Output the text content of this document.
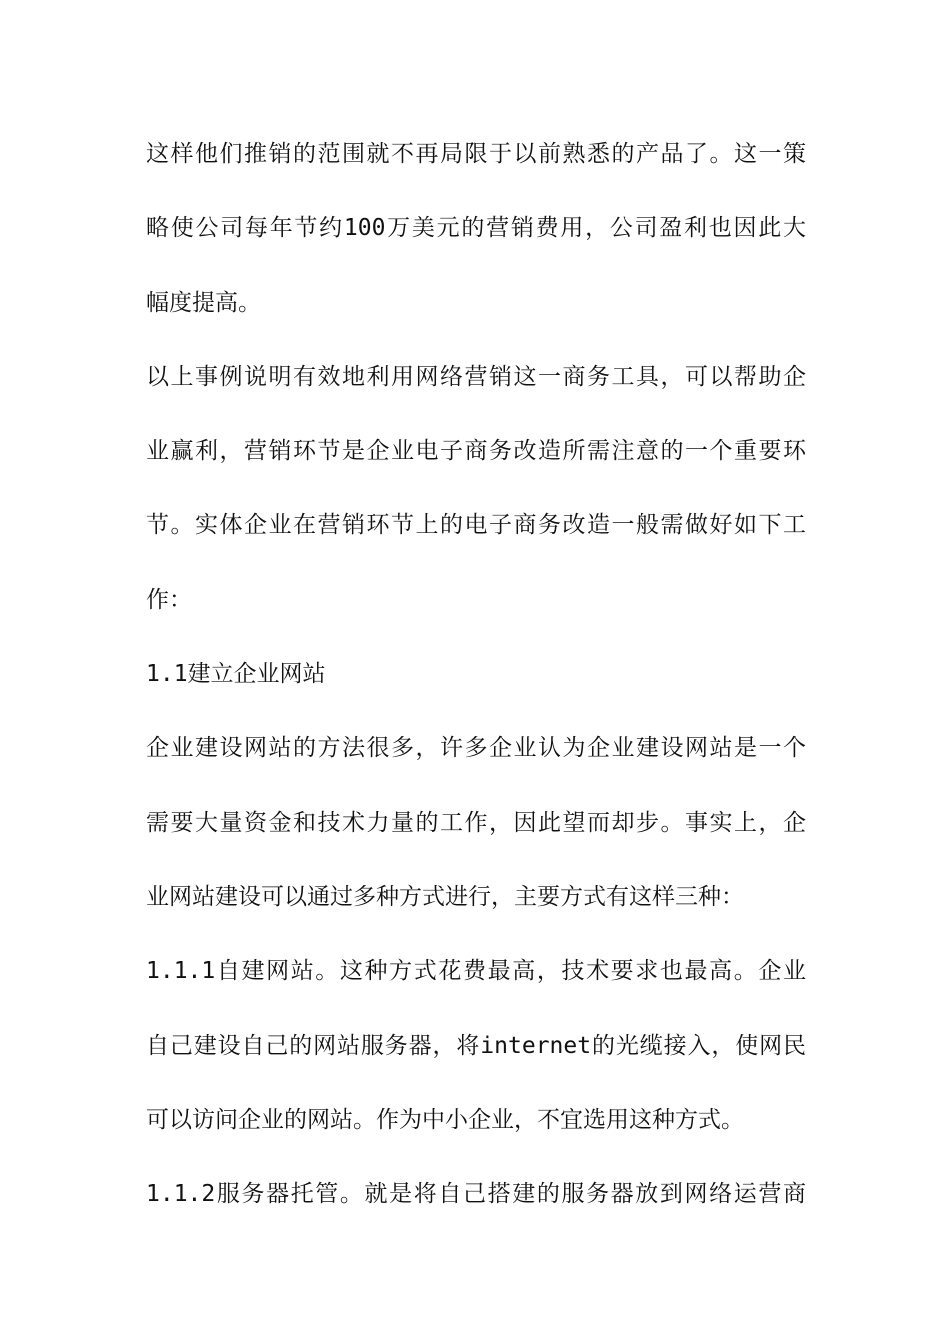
这样他们推销的范围就不再局限于以前熟悉的产品了。这一策
略使公司每年节约100万美元的营销费用，公司盈利也因此大
幅度提高。
以上事例说明有效地利用网络营销这一商务工具，可以帮助企
业赢利，营销环节是企业电子商务改造所需注意的一个重要环
节。实体企业在营销环节上的电子商务改造一般需做好如下工
作：
1.1建立企业网站
企业建设网站的方法很多，许多企业认为企业建设网站是一个
需要大量资金和技术力量的工作，因此望而却步。事实上，企
业网站建设可以通过多种方式进行，主要方式有这样三种：
1.1.1自建网站。这种方式花费最高，技术要求也最高。企业
自己建设自己的网站服务器，将internet的光缆接入，使网民
可以访问企业的网站。作为中小企业，不宜选用这种方式。
1.1.2服务器托管。就是将自己搭建的服务器放到网络运营商
